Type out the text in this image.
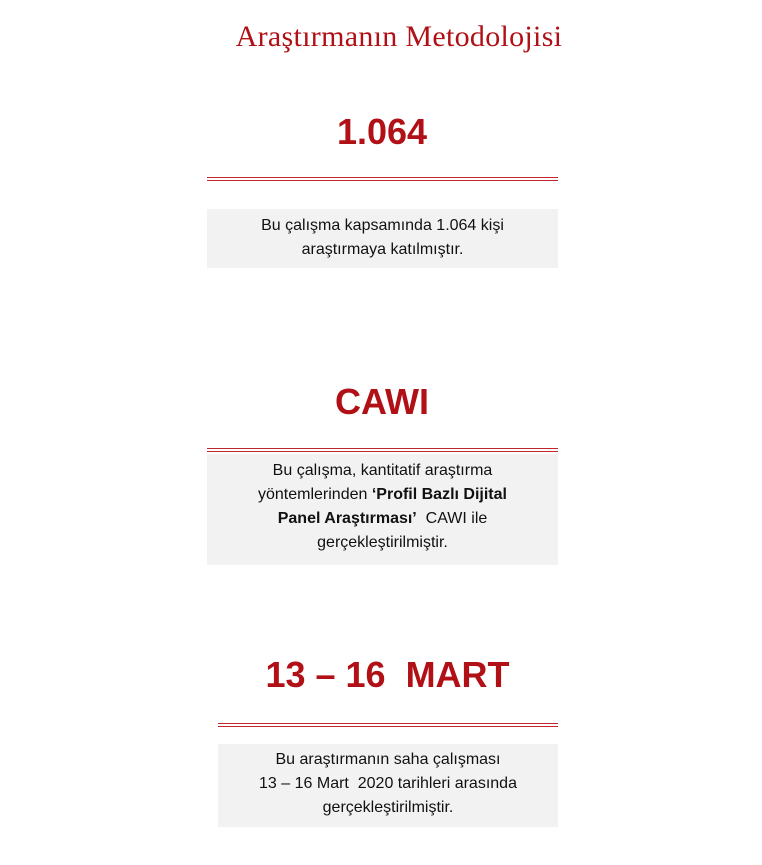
Araştırmanın Metodolojisi
1.064

Bu çalışma kapsamında 1.064 kişi

araştırmaya katılmıştır.

CAWI

Bu çalışma, kantitatif araştırma

yöntemlerinden ‘Profil Bazlı Dijital

Panel Araştırması’  CAWI ile

gerçekleştirilmiştir.

13 – 16  MART

Bu araştırmanın saha çalışması

13 – 16 Mart  2020 tarihleri arasında

gerçekleştirilmiştir.
